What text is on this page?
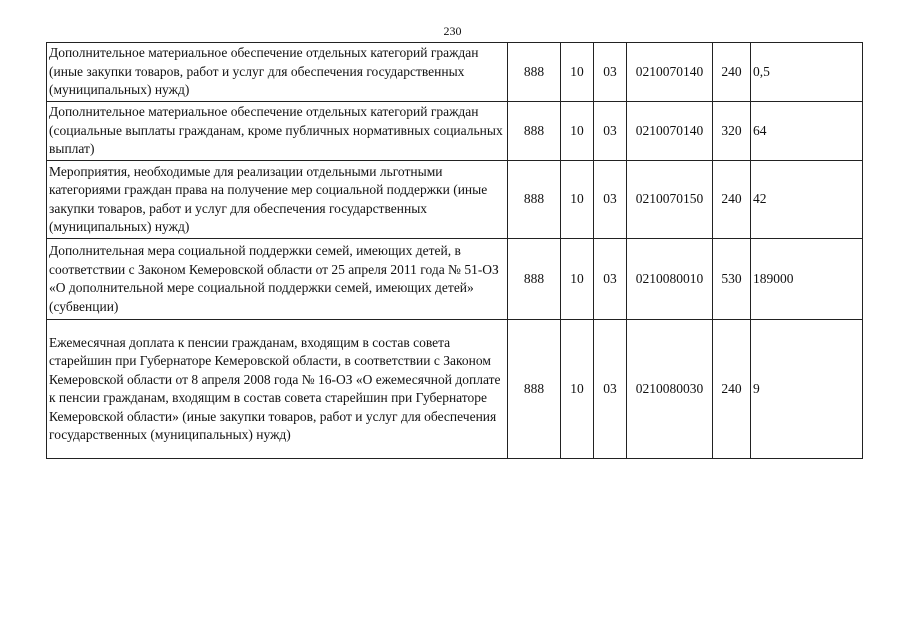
230
Дополнительное материальное обеспечение отдельных категорий граждан (иные закупки товаров, работ и услуг для обеспечения государственных (муниципальных) нужд)	888	10	03	0210070140	240	0,5
Дополнительное материальное обеспечение отдельных категорий граждан (социальные выплаты гражданам, кроме публичных нормативных социальных выплат)	888	10	03	0210070140	320	64
Мероприятия, необходимые для реализации отдельными льготными категориями граждан права на получение мер социальной поддержки (иные закупки товаров, работ и услуг для обеспечения государственных (муниципальных) нужд)	888	10	03	0210070150	240	42
Дополнительная мера социальной поддержки семей, имеющих детей, в соответствии с Законом Кемеровской области от 25 апреля 2011 года № 51-ОЗ «О дополнительной мере социальной поддержки семей, имеющих детей» (субвенции)	888	10	03	0210080010	530	189000
Ежемесячная доплата к пенсии гражданам, входящим в состав совета старейшин при Губернаторе Кемеровской области, в соответствии с Законом Кемеровской области от 8 апреля 2008 года № 16-ОЗ «О ежемесячной доплате к пенсии гражданам, входящим в состав совета старейшин при Губернаторе Кемеровской области» (иные закупки товаров, работ и услуг для обеспечения государственных (муниципальных) нужд)	888	10	03	0210080030	240	9
